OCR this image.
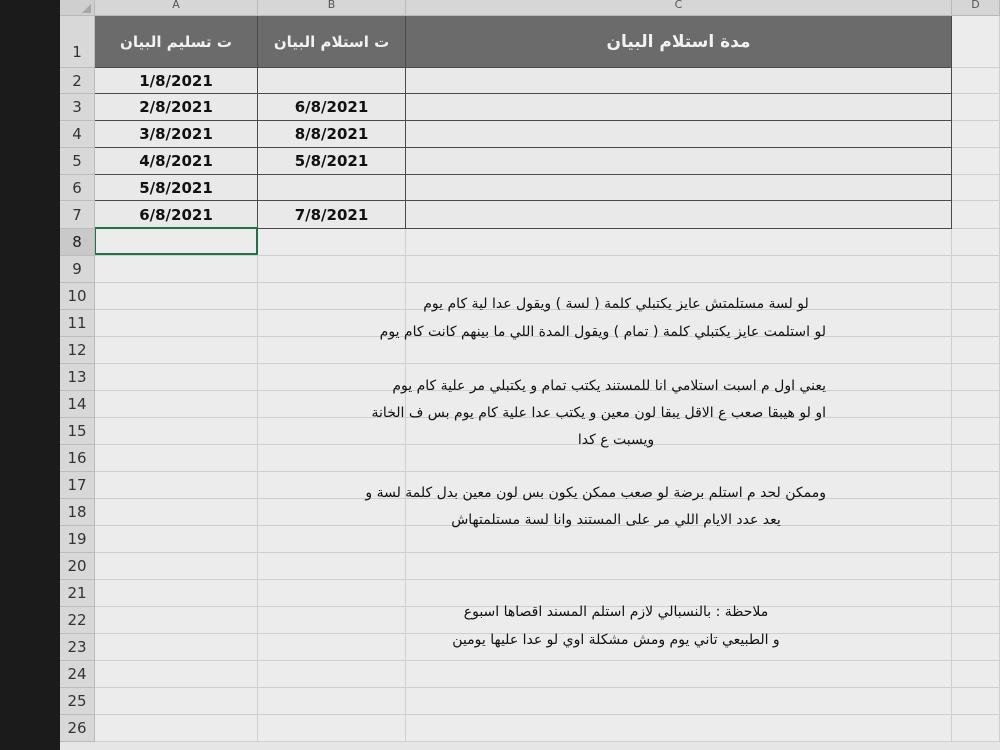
A	B	C	D
ت تسليم البيان	ت استلام البيان	مدة استلام البيان
1/8/2021
2/8/2021	6/8/2021
3/8/2021	8/8/2021
4/8/2021	5/8/2021
5/8/2021
6/8/2021	7/8/2021
لو لسة مستلمتش عايز يكتبلي كلمة ( لسة ) ويقول عدا لية كام يوم
لو استلمت عايز يكتبلي كلمة ( تمام ) ويقول المدة اللي ما بينهم كانت كام يوم
يعني اول م اسبت استلامي انا للمستند يكتب تمام و يكتبلي مر علية كام يوم
او لو هيبقا صعب ع الاقل يبقا لون معين و يكتب عدا علية كام يوم بس ف الخانة
ويسبت ع كدا
وممكن لحد م استلم برضة لو صعب ممكن يكون بس لون معين بدل كلمة لسة و
يعد عدد الايام اللي مر على المستند وانا لسة مستلمتهاش
ملاحظة : بالنسبالي لازم استلم المسند اقصاها اسبوع
و الطبيعي تاني يوم ومش مشكلة اوي لو عدا عليها يومين
1
2
3
4
5
6
7
8
9
10
11
12
13
14
15
16
17
18
19
20
21
22
23
24
25
26
